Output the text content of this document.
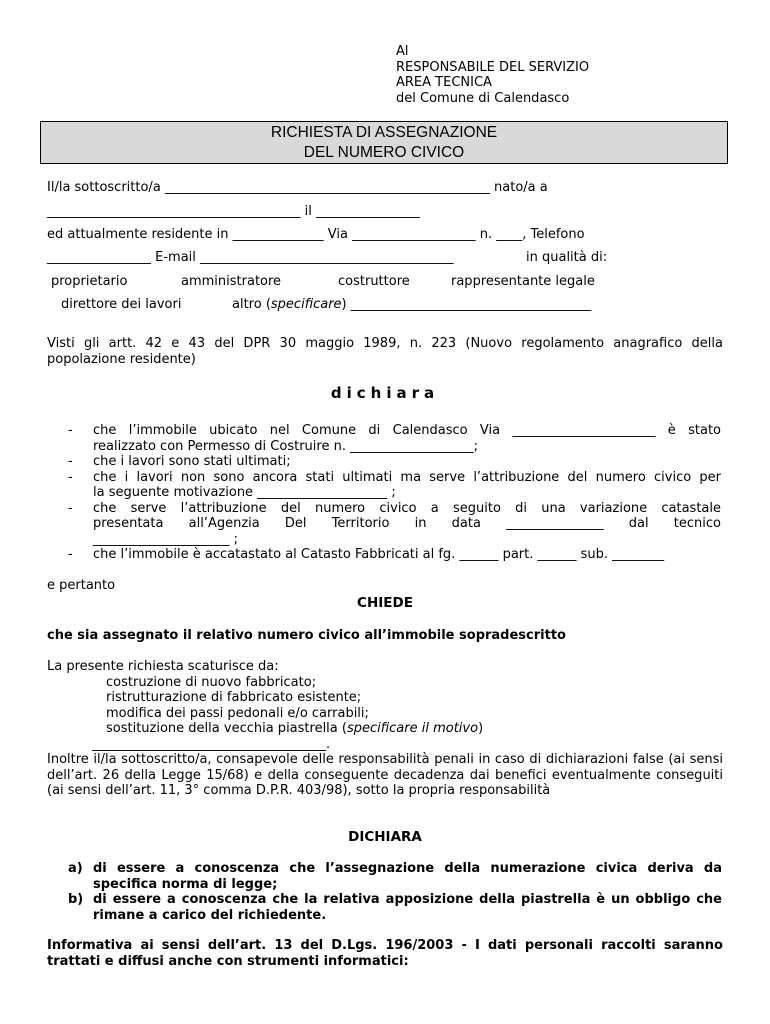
Al
RESPONSABILE DEL SERVIZIO
AREA TECNICA
del Comune di Calendasco
RICHIESTA DI ASSEGNAZIONE
DEL NUMERO CIVICO
Il/la sottoscritto/a __________________________________________________ nato/a a
_______________________________________ il ________________
ed attualmente residente in ______________ Via ___________________ n. ____, Telefono
________________ E-mail _______________________________________	in qualità di:
proprietario	amministratore	costruttore	rappresentante legale
direttore dei lavori	altro (specificare) _____________________________________
Visti gli artt. 42 e 43 del DPR 30 maggio 1989, n. 223 (Nuovo regolamento anagrafico della popolazione residente)
dichiara
- che l’immobile ubicato nel Comune di Calendasco Via ______________________ è stato
realizzato con Permesso di Costruire n. ___________________;
- che i lavori sono stati ultimati;
- che i lavori non sono ancora stati ultimati ma serve l’attribuzione del numero civico per
la seguente motivazione ____________________ ;
- che serve l’attribuzione del numero civico a seguito di una variazione catastale
presentata all’Agenzia Del Territorio in data _______________ dal tecnico
_____________________ ;
- che l’immobile è accatastato al Catasto Fabbricati al fg. ______ part. ______ sub. ________
e pertanto
CHIEDE
che sia assegnato il relativo numero civico all’immobile sopradescritto
La presente richiesta scaturisce da:
costruzione di nuovo fabbricato;
ristrutturazione di fabbricato esistente;
modifica dei passi pedonali e/o carrabili;
sostituzione della vecchia piastrella (specificare il motivo)
____________________________________.
Inoltre il/la sottoscritto/a, consapevole delle responsabilità penali in caso di dichiarazioni false (ai sensi dell’art. 26 della Legge 15/68) e della conseguente decadenza dai benefici eventualmente conseguiti (ai sensi dell’art. 11, 3° comma D.P.R. 403/98), sotto la propria responsabilità
DICHIARA
a) di essere a conoscenza che l’assegnazione della numerazione civica deriva da specifica norma di legge;
b) di essere a conoscenza che la relativa apposizione della piastrella è un obbligo che rimane a carico del richiedente.
Informativa ai sensi dell’art. 13 del D.Lgs. 196/2003 - I dati personali raccolti saranno trattati e diffusi anche con strumenti informatici:
